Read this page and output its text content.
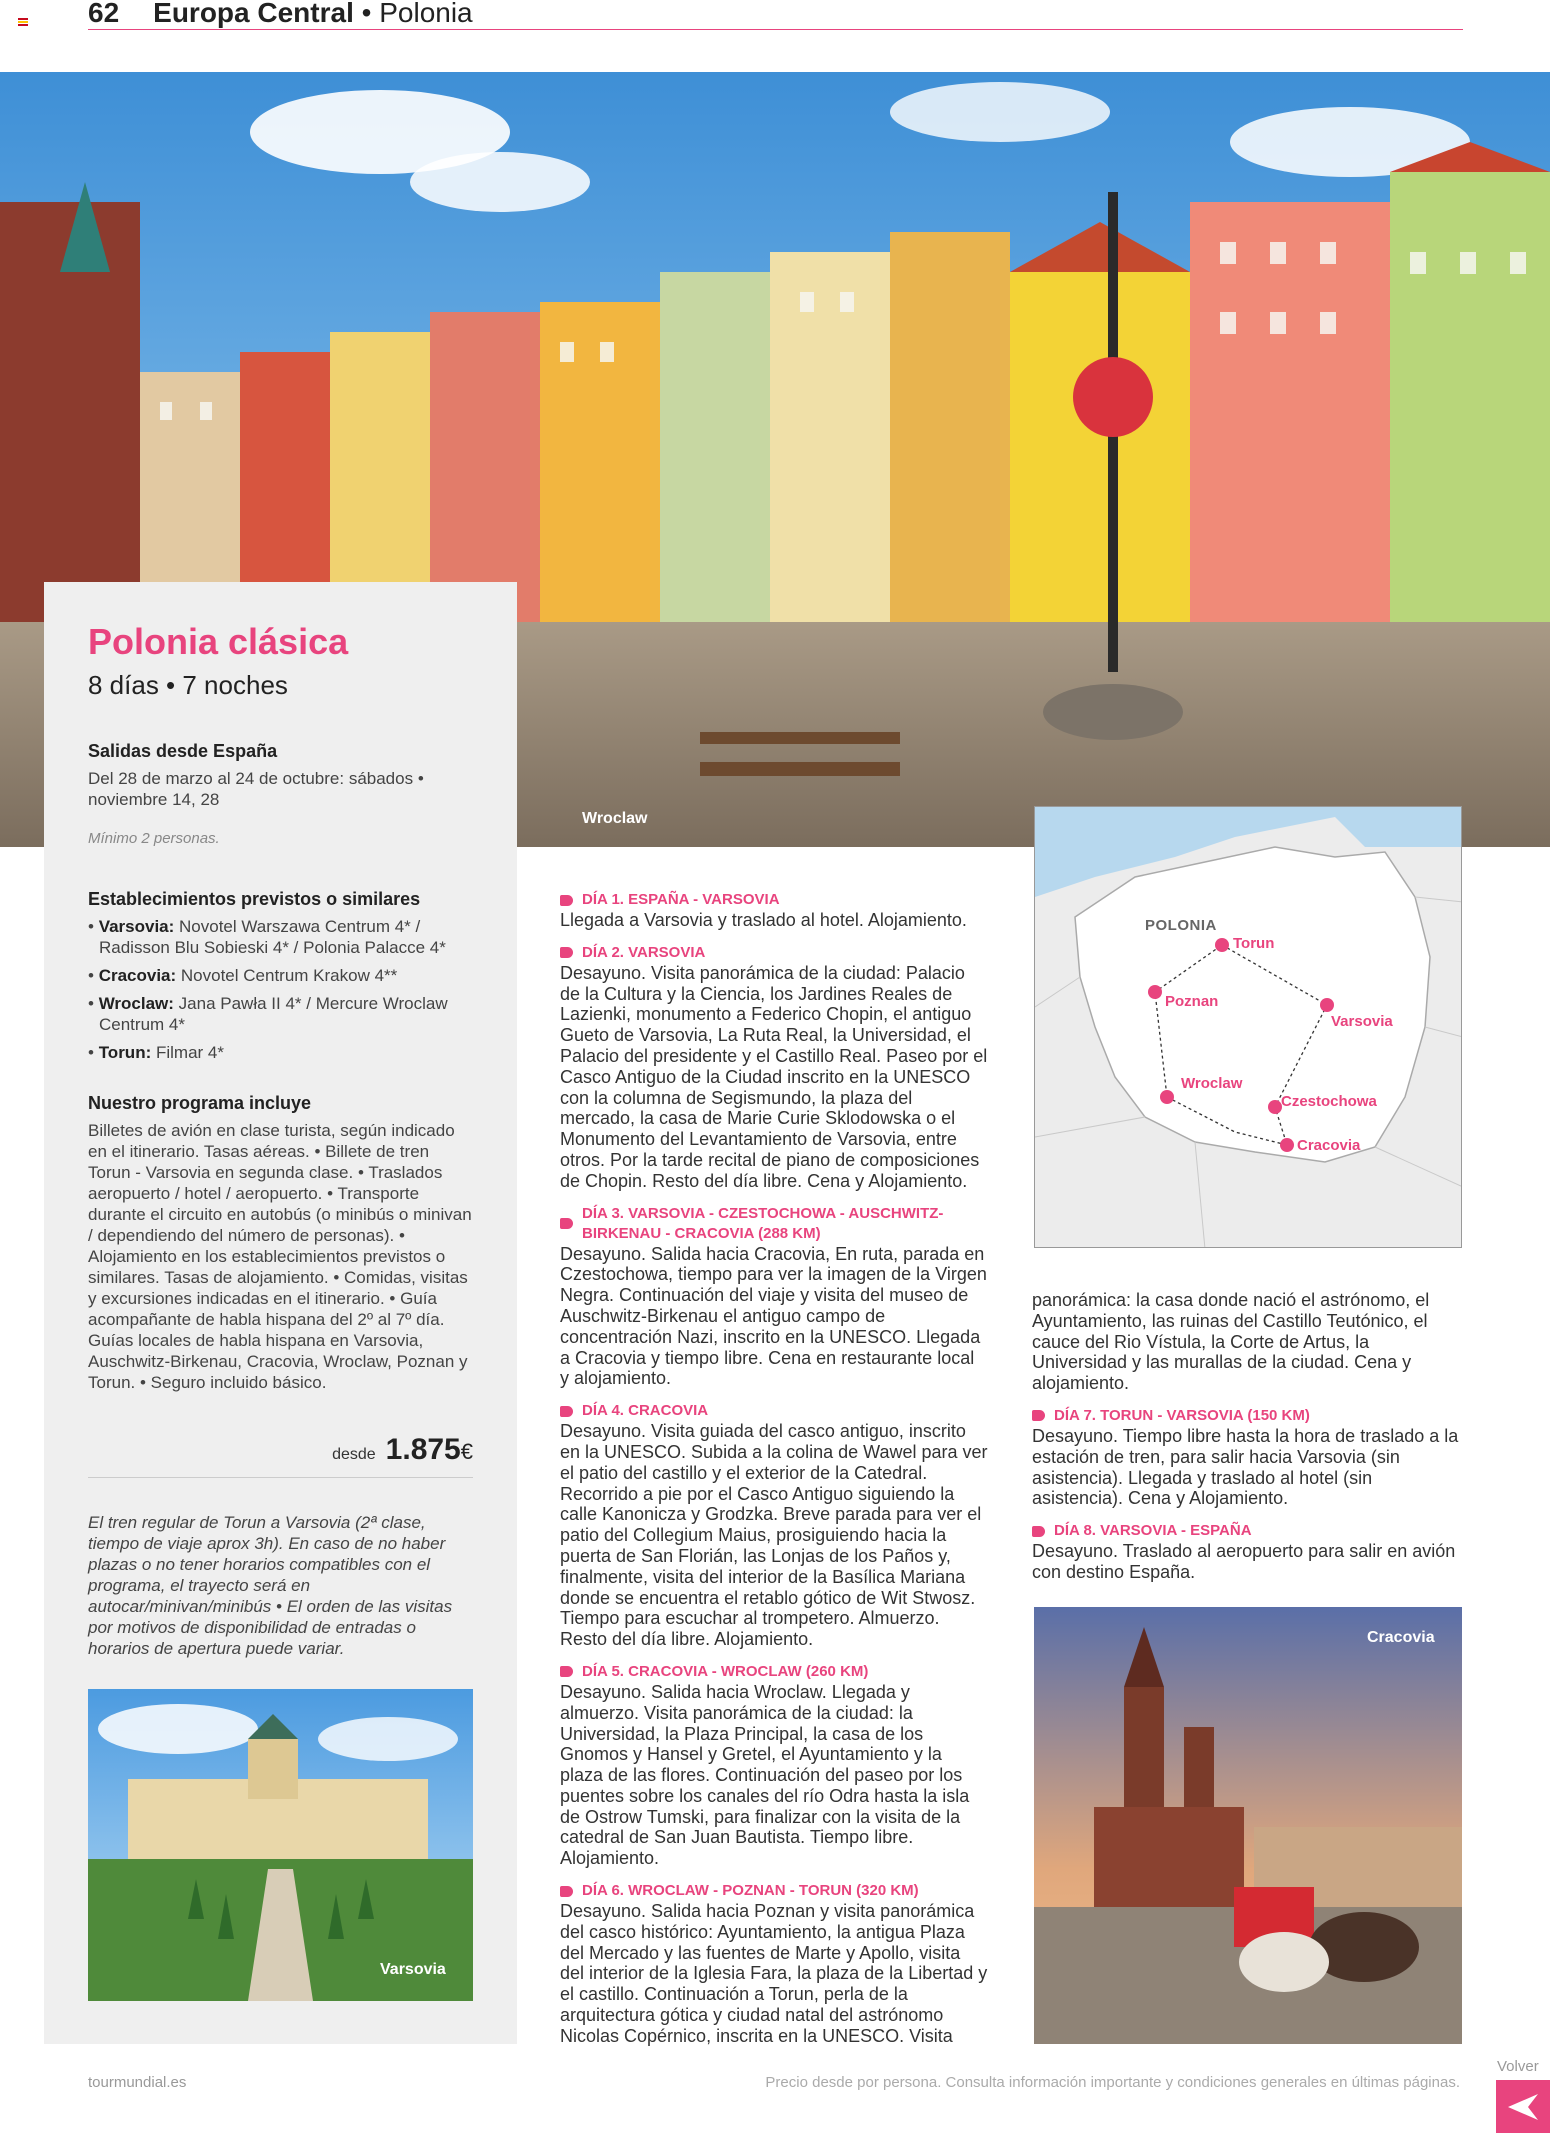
62 Europa Central • Polonia
Wroclaw
Polonia clásica
8 días • 7 noches
Salidas desde España

Del 28 de marzo al 24 de octubre: sábados • noviembre 14, 28

Mínimo 2 personas.

Establecimientos previstos o similares
• Varsovia: Novotel Warszawa Centrum 4* / Radisson Blu Sobieski 4* / Polonia Palacce 4*
• Cracovia: Novotel Centrum Krakow 4**
• Wroclaw: Jana Pawła II 4* / Mercure Wroclaw Centrum 4*
• Torun: Filmar 4*
Nuestro programa incluye

Billetes de avión en clase turista, según indicado en el itinerario. Tasas aéreas. • Billete de tren Torun - Varsovia en segunda clase. • Traslados aeropuerto / hotel / aeropuerto. • Transporte durante el circuito en autobús (o minibús o minivan / dependiendo del número de personas). • Alojamiento en los establecimientos previstos o similares. Tasas de alojamiento. • Comidas, visitas y excursiones indicadas en el itinerario. • Guía acompañante de habla hispana del 2º al 7º día. Guías locales de habla hispana en Varsovia, Auschwitz-Birkenau, Cracovia, Wroclaw, Poznan y Torun. • Seguro incluido básico.

desde 1.875 €

El tren regular de Torun a Varsovia (2ª clase, tiempo de viaje aprox 3h). En caso de no haber plazas o no tener horarios compatibles con el programa, el trayecto será en autocar/minivan/minibús • El orden de las visitas por motivos de disponibilidad de entradas o horarios de apertura puede variar.

Varsovia
DÍA 1. ESPAÑA - VARSOVIA
Llegada a Varsovia y traslado al hotel. Alojamiento.
DÍA 2. VARSOVIA
Desayuno. Visita panorámica de la ciudad: Palacio de la Cultura y la Ciencia, los Jardines Reales de Lazienki, monumento a Federico Chopin, el antiguo Gueto de Varsovia, La Ruta Real, la Universidad, el Palacio del presidente y el Castillo Real. Paseo por el Casco Antiguo de la Ciudad inscrito en la UNESCO con la columna de Segismundo, la plaza del mercado, la casa de Marie Curie Sklodowska o el Monumento del Levantamiento de Varsovia, entre otros. Por la tarde recital de piano de composiciones de Chopin. Resto del día libre. Cena y Alojamiento.
DÍA 3. VARSOVIA - CZESTOCHOWA - AUSCHWITZ-BIRKENAU - CRACOVIA (288 KM)
Desayuno. Salida hacia Cracovia, En ruta, parada en Czestochowa, tiempo para ver la imagen de la Virgen Negra. Continuación del viaje y visita del museo de Auschwitz-Birkenau el antiguo campo de concentración Nazi, inscrito en la UNESCO. Llegada a Cracovia y tiempo libre. Cena en restaurante local y alojamiento.
DÍA 4. CRACOVIA
Desayuno. Visita guiada del casco antiguo, inscrito en la UNESCO. Subida a la colina de Wawel para ver el patio del castillo y el exterior de la Catedral. Recorrido a pie por el Casco Antiguo siguiendo la calle Kanonicza y Grodzka. Breve parada para ver el patio del Collegium Maius, prosiguiendo hacia la puerta de San Florián, las Lonjas de los Paños y, finalmente, visita del interior de la Basílica Mariana donde se encuentra el retablo gótico de Wit Stwosz. Tiempo para escuchar al trompetero. Almuerzo. Resto del día libre. Alojamiento.
DÍA 5. CRACOVIA - WROCLAW (260 KM)
Desayuno. Salida hacia Wroclaw. Llegada y almuerzo. Visita panorámica de la ciudad: la Universidad, la Plaza Principal, la casa de los Gnomos y Hansel y Gretel, el Ayuntamiento y la plaza de las flores. Continuación del paseo por los puentes sobre los canales del río Odra hasta la isla de Ostrow Tumski, para finalizar con la visita de la catedral de San Juan Bautista. Tiempo libre. Alojamiento.
DÍA 6. WROCLAW - POZNAN - TORUN (320 KM)
Desayuno. Salida hacia Poznan y visita panorámica del casco histórico: Ayuntamiento, la antigua Plaza del Mercado y las fuentes de Marte y Apollo, visita del interior de la Iglesia Fara, la plaza de la Libertad y el castillo. Continuación a Torun, perla de la arquitectura gótica y ciudad natal del astrónomo Nicolas Copérnico, inscrita en la UNESCO. Visita
POLONIA
Torun
Poznan
Varsovia
Wroclaw
Czestochowa
Cracovia
panorámica: la casa donde nació el astrónomo, el Ayuntamiento, las ruinas del Castillo Teutónico, el cauce del Rio Vístula, la Corte de Artus, la Universidad y las murallas de la ciudad. Cena y alojamiento.
DÍA 7. TORUN - VARSOVIA (150 KM)
Desayuno. Tiempo libre hasta la hora de traslado a la estación de tren, para salir hacia Varsovia (sin asistencia). Llegada y traslado al hotel (sin asistencia). Cena y Alojamiento.
DÍA 8. VARSOVIA - ESPAÑA
Desayuno. Traslado al aeropuerto para salir en avión con destino España.
Cracovia
tourmundial.es	Precio desde por persona. Consulta información importante y condiciones generales en últimas páginas.
Volver
